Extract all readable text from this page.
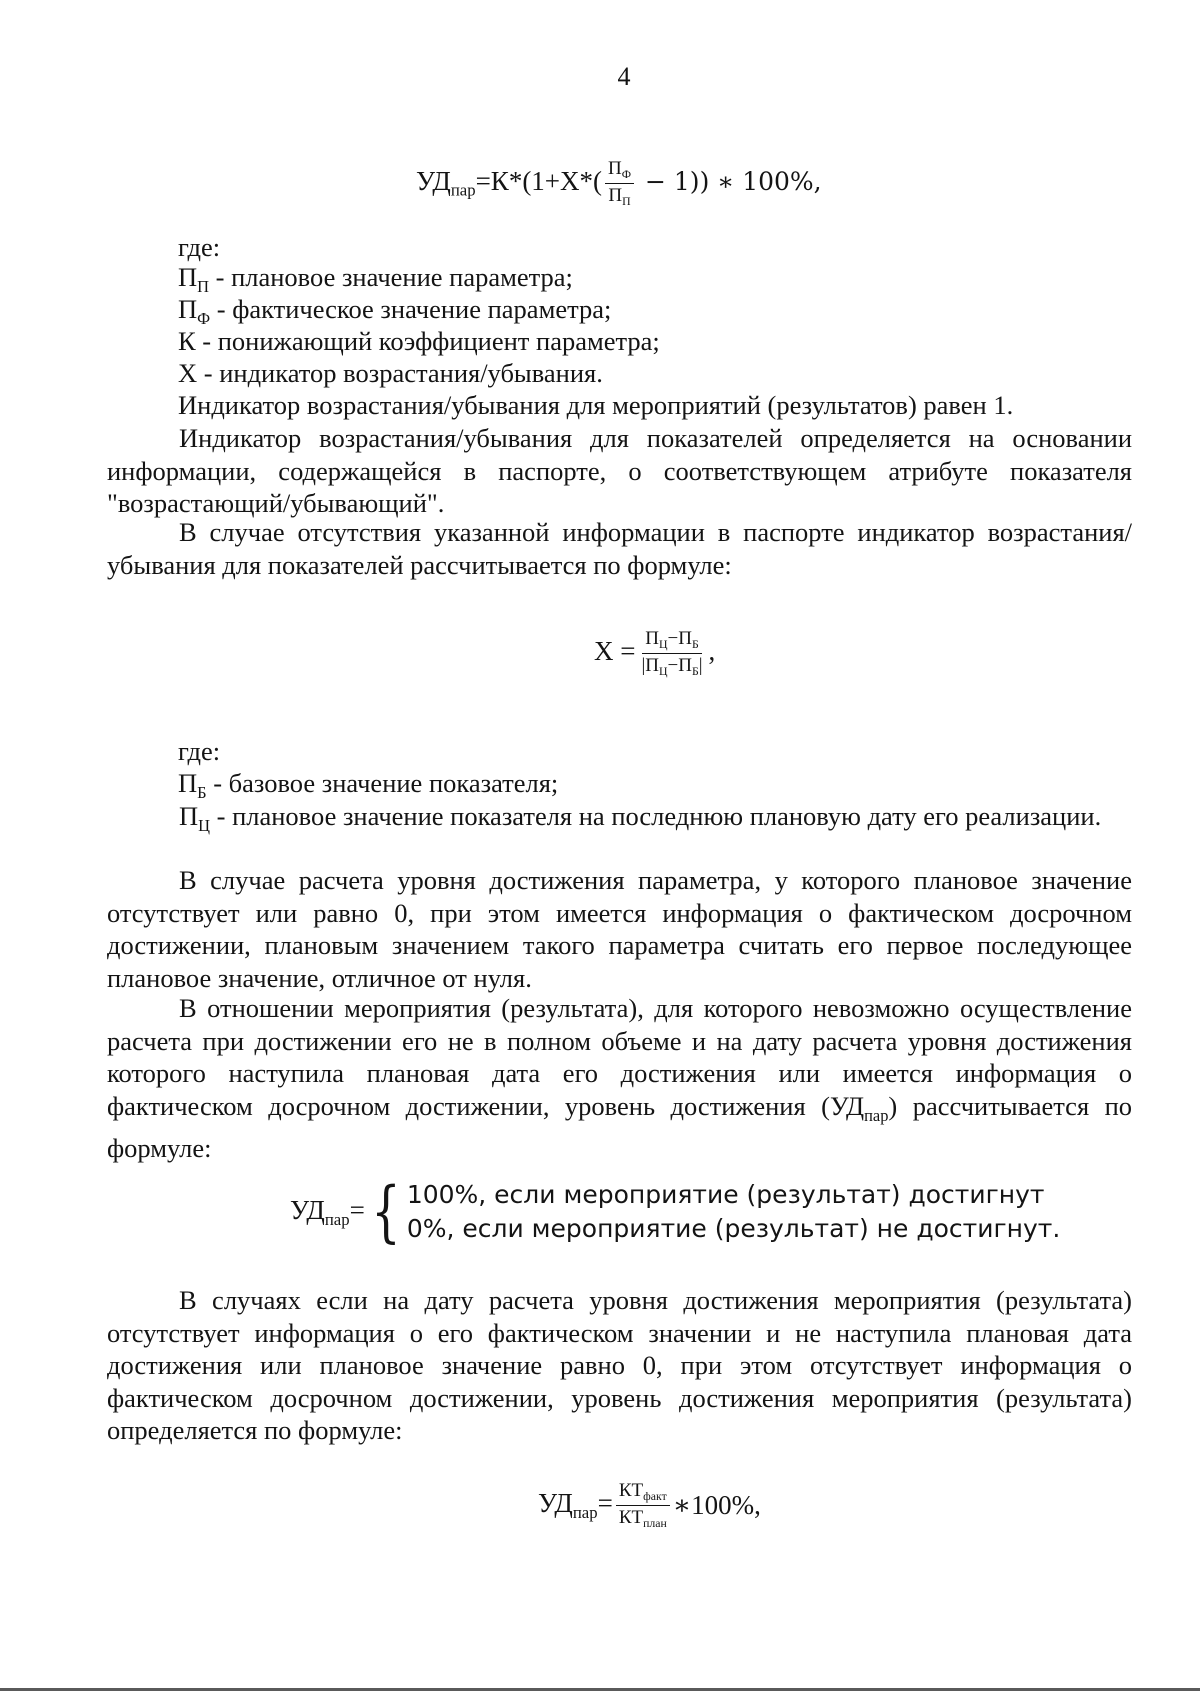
4
$УД_{пар}=К*(1+Х*( \frac{П_Ф}{П_П} - 1))$ ∗ 100%,
где:
$П_П$ - плановое значение параметра;
$П_Ф$ - фактическое значение параметра;
К - понижающий коэффициент параметра;
Х - индикатор возрастания/убывания.
Индикатор возрастания/убывания для мероприятий (результатов) равен 1.

Индикатор возрастания/убывания для показателей определяется на основании информации, содержащейся в паспорте, о соответствующем атрибуте показателя "возрастающий/убывающий".

В случае отсутствия указанной информации в паспорте индикатор возрастания/убывания для показателей рассчитывается по формуле:

$Х = \frac{П_Ц-П_Б}{|П_Ц-П_Б|}$ ,
где:
$П_Б$ - базовое значение показателя;

$П_Ц$ - плановое значение показателя на последнюю плановую дату его реализации.

В случае расчета уровня достижения параметра, у которого плановое значение отсутствует или равно 0, при этом имеется информация о фактическом досрочном достижении, плановым значением такого параметра считать его первое последующее плановое значение, отличное от нуля.

В отношении мероприятия (результата), для которого невозможно осуществление расчета при достижении его не в полном объеме и на дату расчета уровня достижения которого наступила плановая дата его достижения или имеется информация о фактическом досрочном достижении, уровень достижения $(УД_{пар})$ рассчитывается по формуле:

$УД_{пар}=$ { 100%, если мероприятие (результат) достигнут
0%, если мероприятие (результат) не достигнут.

В случаях если на дату расчета уровня достижения мероприятия (результата) отсутствует информация о его фактическом значении и не наступила плановая дата достижения или плановое значение равно 0, при этом отсутствует информация о фактическом досрочном достижении, уровень достижения мероприятия (результата) определяется по формуле:

$УД_{пар}= \frac{КТ_{факт}}{КТ_{план}}$ ∗100%,
